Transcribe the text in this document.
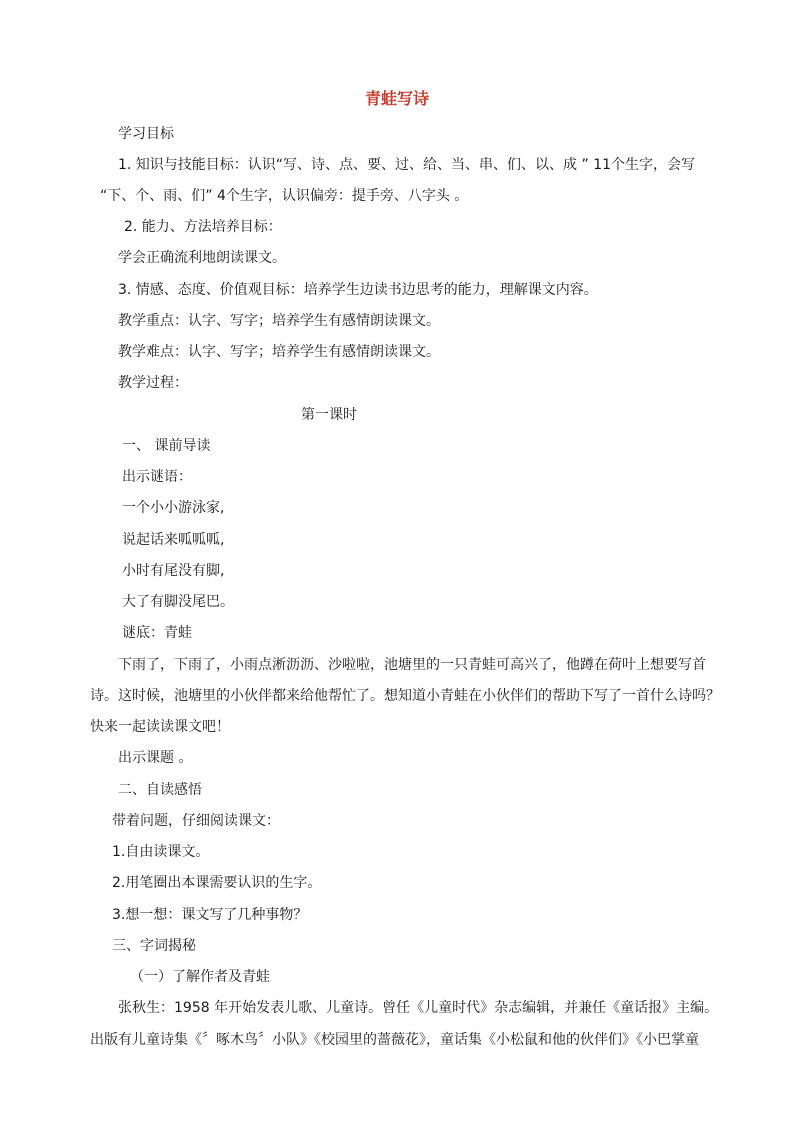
青蛙写诗
学习目标
1. 知识与技能目标：认识“写、诗、点、要、过、给、当、串、们、以、成 ” 11个生字，会写
“下、个、雨、们” 4个生字，认识偏旁：提手旁、八字头 。
2. 能力、方法培养目标：
学会正确流利地朗读课文。
3. 情感、态度、价值观目标：培养学生边读书边思考的能力，理解课文内容。
教学重点：认字、写字；培养学生有感情朗读课文。
教学难点：认字、写字；培养学生有感情朗读课文。
教学过程：
第一课时
一、 课前导读
出示谜语：
一个小小游泳家,
说起话来呱呱呱,
小时有尾没有脚,
大了有脚没尾巴。
谜底：青蛙
下雨了，下雨了，小雨点淅沥沥、沙啦啦，池塘里的一只青蛙可高兴了，他蹲在荷叶上想要写首
诗。这时候，池塘里的小伙伴都来给他帮忙了。想知道小青蛙在小伙伴们的帮助下写了一首什么诗吗？
快来一起读读课文吧！
出示课题 。
二、自读感悟
带着问题，仔细阅读课文：
1.自由读课文。
2.用笔圈出本课需要认识的生字。
3.想一想：课文写了几种事物？
三、字词揭秘
（一）了解作者及青蛙
张秋生：1958 年开始发表儿歌、儿童诗。曾任《儿童时代》杂志编辑，并兼任《童话报》主编。
出版有儿童诗集《〞啄木鸟〞小队》《校园里的蔷薇花》，童话集《小松鼠和他的伙伴们》《小巴掌童
